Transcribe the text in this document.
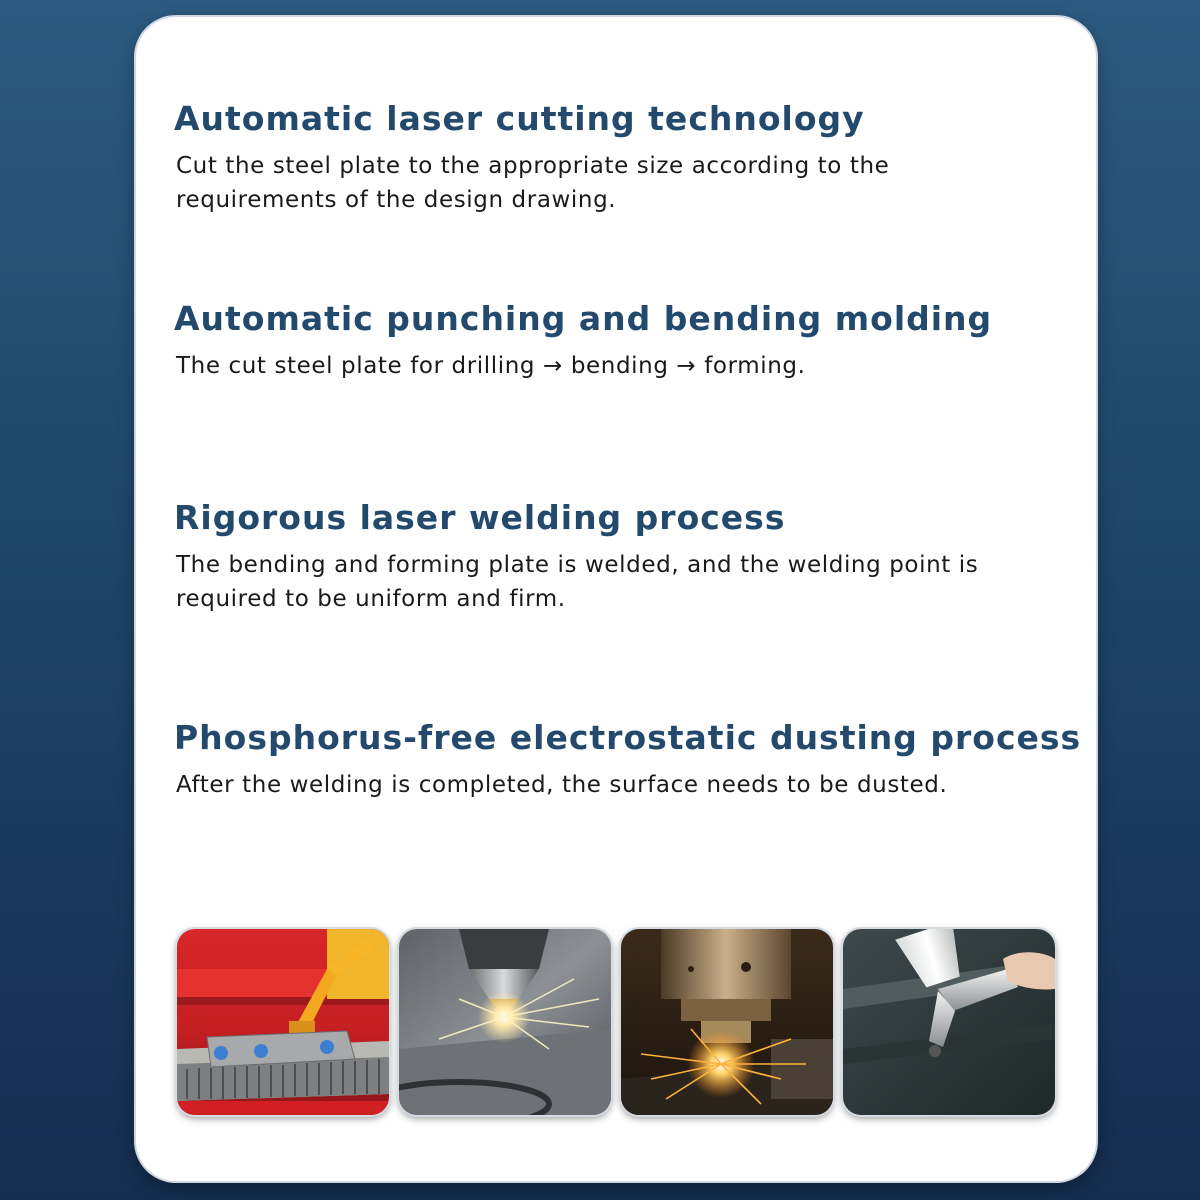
Automatic laser cutting technology

Cut the steel plate to the appropriate size according to the requirements of the design drawing.

Automatic punching and bending molding

The cut steel plate for drilling → bending → forming.

Rigorous laser welding process

The bending and forming plate is welded, and the welding point is required to be uniform and firm.

Phosphorus-free electrostatic dusting process

After the welding is completed, the surface needs to be dusted.
